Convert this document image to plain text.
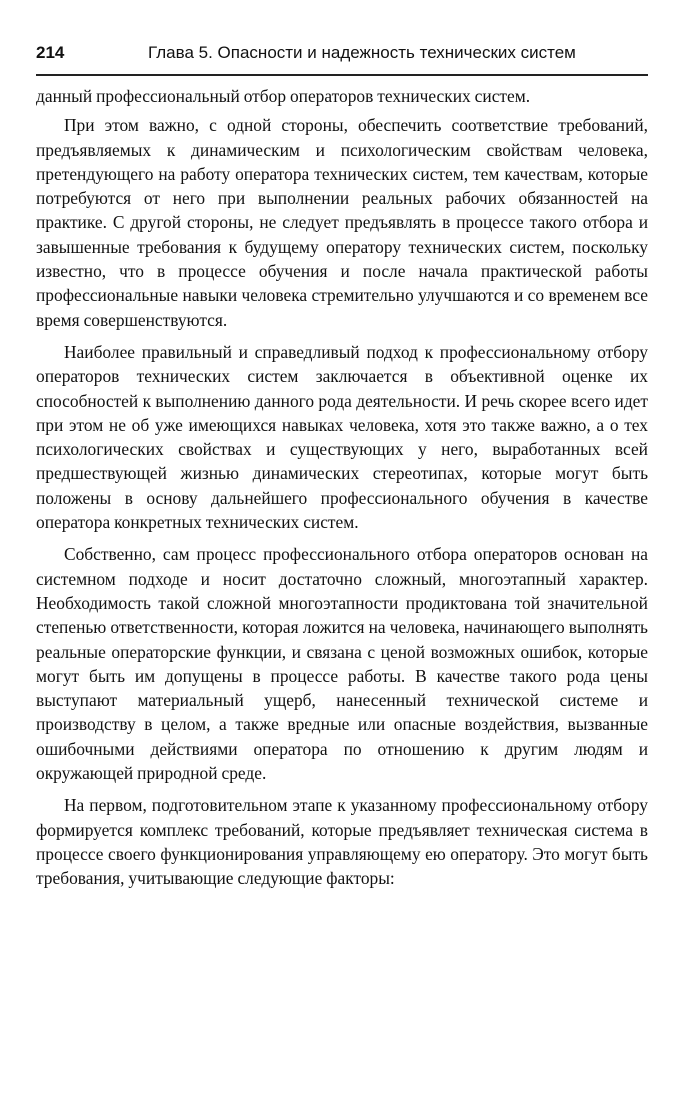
214	Глава 5. Опасности и надежность технических систем

данный профессиональный отбор операторов технических систем.

При этом важно, с одной стороны, обеспечить соответствие требований, предъявляемых к динамическим и психологическим свойствам человека, претендующего на работу оператора технических систем, тем качествам, которые потребуются от него при выполнении реальных рабочих обязанностей на практике. С другой стороны, не следует предъявлять в процессе такого отбора и завышенные требования к будущему оператору технических систем, поскольку известно, что в процессе обучения и после начала практической работы профессиональные навыки человека стремительно улучшаются и со временем все время совершенствуются.

Наиболее правильный и справедливый подход к профессиональному отбору операторов технических систем заключается в объективной оценке их способностей к выполнению данного рода деятельности. И речь скорее всего идет при этом не об уже имеющихся навыках человека, хотя это также важно, а о тех психологических свойствах и существующих у него, выработанных всей предшествующей жизнью динамических стереотипах, которые могут быть положены в основу дальнейшего профессионального обучения в качестве оператора конкретных технических систем.

Собственно, сам процесс профессионального отбора операторов основан на системном подходе и носит достаточно сложный, многоэтапный характер. Необходимость такой сложной многоэтапности продиктована той значительной степенью ответственности, которая ложится на человека, начинающего выполнять реальные операторские функции, и связана с ценой возможных ошибок, которые могут быть им допущены в процессе работы. В качестве такого рода цены выступают материальный ущерб, нанесенный технической системе и производству в целом, а также вредные или опасные воздействия, вызванные ошибочными действиями оператора по отношению к другим людям и окружающей природной среде.

На первом, подготовительном этапе к указанному профессиональному отбору формируется комплекс требований, которые предъявляет техническая система в процессе своего функционирования управляющему ею оператору. Это могут быть требования, учитывающие следующие факторы:
